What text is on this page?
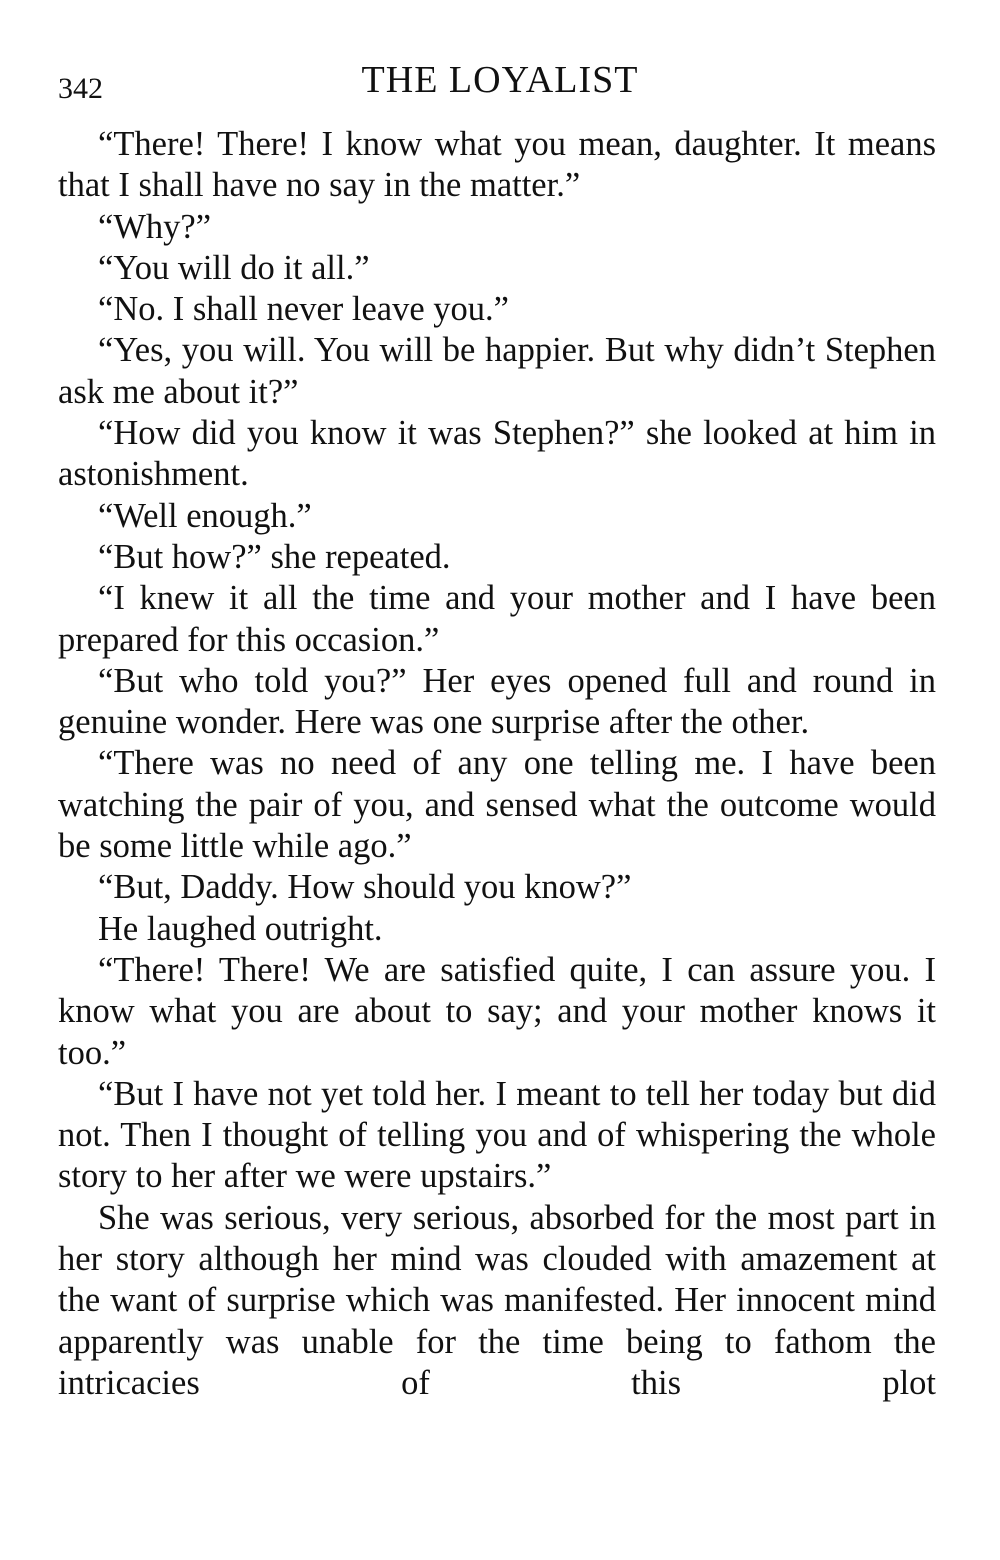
342	THE LOYALIST

“There! There! I know what you mean, daughter. It means that I shall have no say in the matter.”

“Why?”

“You will do it all.”

“No. I shall never leave you.”

“Yes, you will. You will be happier. But why didn’t Stephen ask me about it?”

“How did you know it was Stephen?” she looked at him in astonishment.

“Well enough.”

“But how?” she repeated.

“I knew it all the time and your mother and I have been prepared for this occasion.”

“But who told you?” Her eyes opened full and round in genuine wonder. Here was one surprise after the other.

“There was no need of any one telling me. I have been watching the pair of you, and sensed what the outcome would be some little while ago.”

“But, Daddy. How should you know?”

He laughed outright.

“There! There! We are satisfied quite, I can assure you. I know what you are about to say; and your mother knows it too.”

“But I have not yet told her. I meant to tell her today but did not. Then I thought of telling you and of whispering the whole story to her after we were upstairs.”

She was serious, very serious, absorbed for the most part in her story although her mind was clouded with amazement at the want of surprise which was manifested. Her innocent mind apparently was unable for the time being to fathom the intricacies of this plot
